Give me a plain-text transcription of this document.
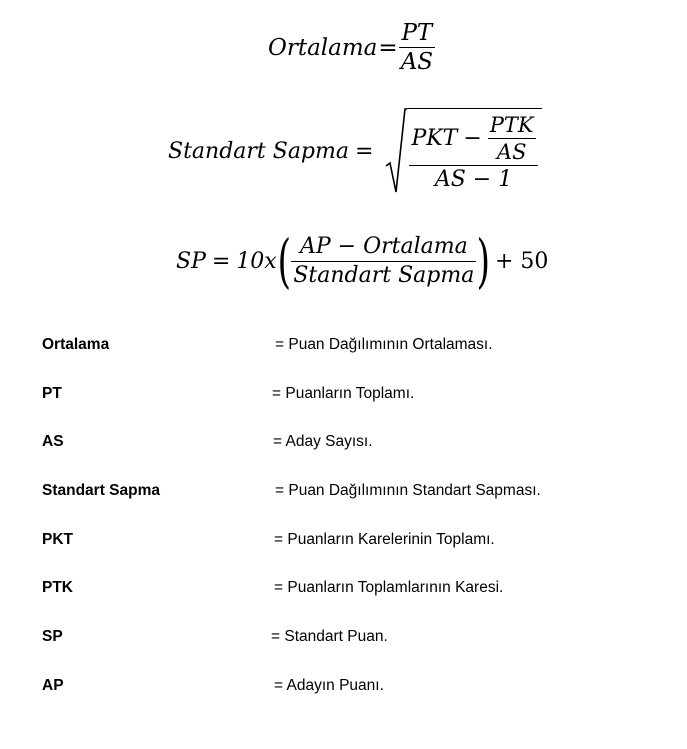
Ortalama = $\frac{PT}{AS}$
Standart Sapma =
PKT − $\frac{\text{PTK}}{AS}$
AS − 1
SP = 10x ( $\frac{\text{AP − Ortalama}}{\text{Standart Sapma}}$ ) + 50
Ortalama	= Puan Dağılımının Ortalaması.
PT	= Puanların Toplamı.
AS	= Aday Sayısı.
Standart Sapma	= Puan Dağılımının Standart Sapması.
PKT	= Puanların Karelerinin Toplamı.
PTK	= Puanların Toplamlarının Karesi.
SP	= Standart Puan.
AP	= Adayın Puanı.
